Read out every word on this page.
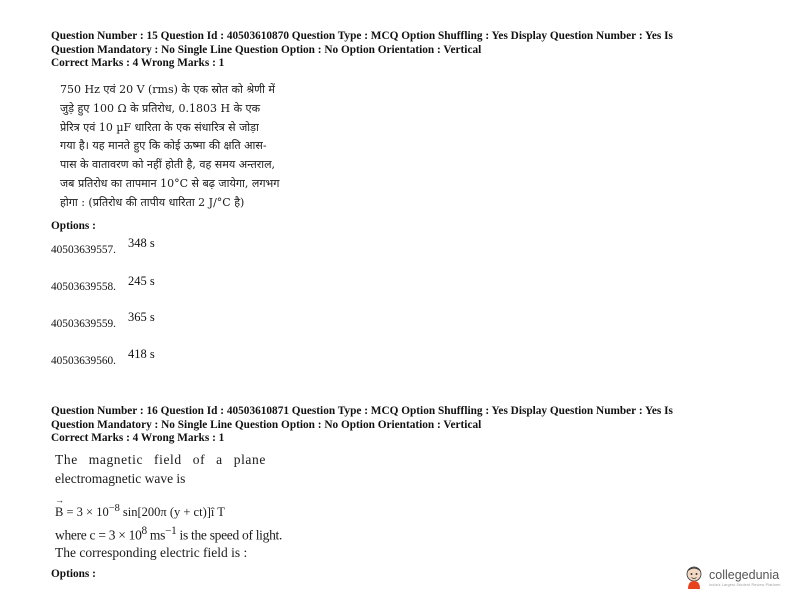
Question Number : 15 Question Id : 40503610870 Question Type : MCQ Option Shuffling : Yes Display Question Number : Yes Is

Question Mandatory : No Single Line Question Option : No Option Orientation : Vertical

Correct Marks : 4 Wrong Marks : 1

750 Hz एवं 20 V (rms) के एक स्रोत को श्रेणी में
जुड़े हुए 100 Ω के प्रतिरोध, 0.1803 H के एक
प्रेरित्र एवं 10 µF धारिता के एक संधारित्र से जोड़ा
गया है। यह मानते हुए कि कोई ऊष्मा की क्षति आस-
पास के वातावरण को नहीं होती है, वह समय अन्तराल,
जब प्रतिरोध का तापमान 10°C से बढ़ जायेगा, लगभग
होगा : (प्रतिरोध की तापीय धारिता 2 J/°C है)

Options :

40503639557. 348 s
40503639558. 245 s
40503639559. 365 s
40503639560. 418 s

Question Number : 16 Question Id : 40503610871 Question Type : MCQ Option Shuffling : Yes Display Question Number : Yes Is

Question Mandatory : No Single Line Question Option : No Option Orientation : Vertical

Correct Marks : 4 Wrong Marks : 1

The magnetic field of a plane
electromagnetic wave is
→ $B = 3 \times 10^{-8}$ sin[200π (y + ct)]î T
where $c = 3 \times 10^8$ $ms^{-1}$ is the speed of light.
The corresponding electric field is :

Options :	collegedunia
India's Largest Student Review Platform
